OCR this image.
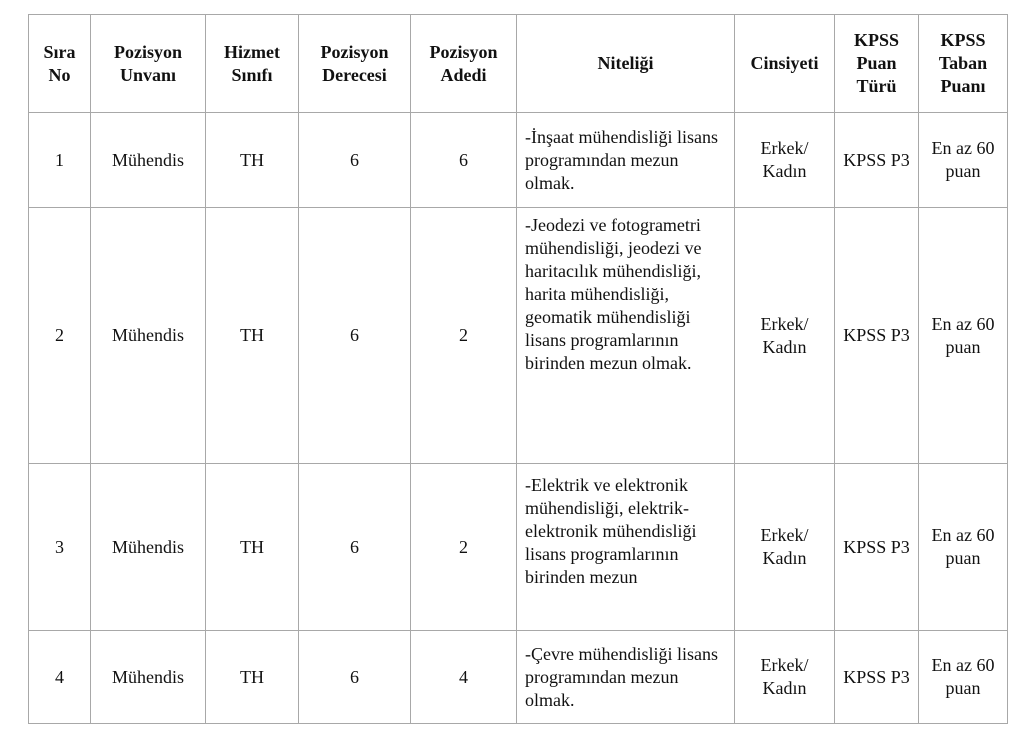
Sıra No	Pozisyon Unvanı	Hizmet Sınıfı	Pozisyon Derecesi	Pozisyon Adedi	Niteliği	Cinsiyeti	KPSS Puan Türü	KPSS Taban Puanı
1	Mühendis	TH	6	6	-İnşaat mühendisliği lisans programından mezun olmak.	Erkek/ Kadın	KPSS P3	En az 60 puan
2	Mühendis	TH	6	2	-Jeodezi ve fotogrametri mühendisliği, jeodezi ve haritacılık mühendisliği, harita mühendisliği, geomatik mühendisliği lisans programlarının birinden mezun olmak.	Erkek/ Kadın	KPSS P3	En az 60 puan
3	Mühendis	TH	6	2	-Elektrik ve elektronik mühendisliği, elektrik-elektronik mühendisliği lisans programlarının birinden mezun	Erkek/ Kadın	KPSS P3	En az 60 puan
4	Mühendis	TH	6	4	-Çevre mühendisliği lisans programından mezun olmak.	Erkek/ Kadın	KPSS P3	En az 60 puan
